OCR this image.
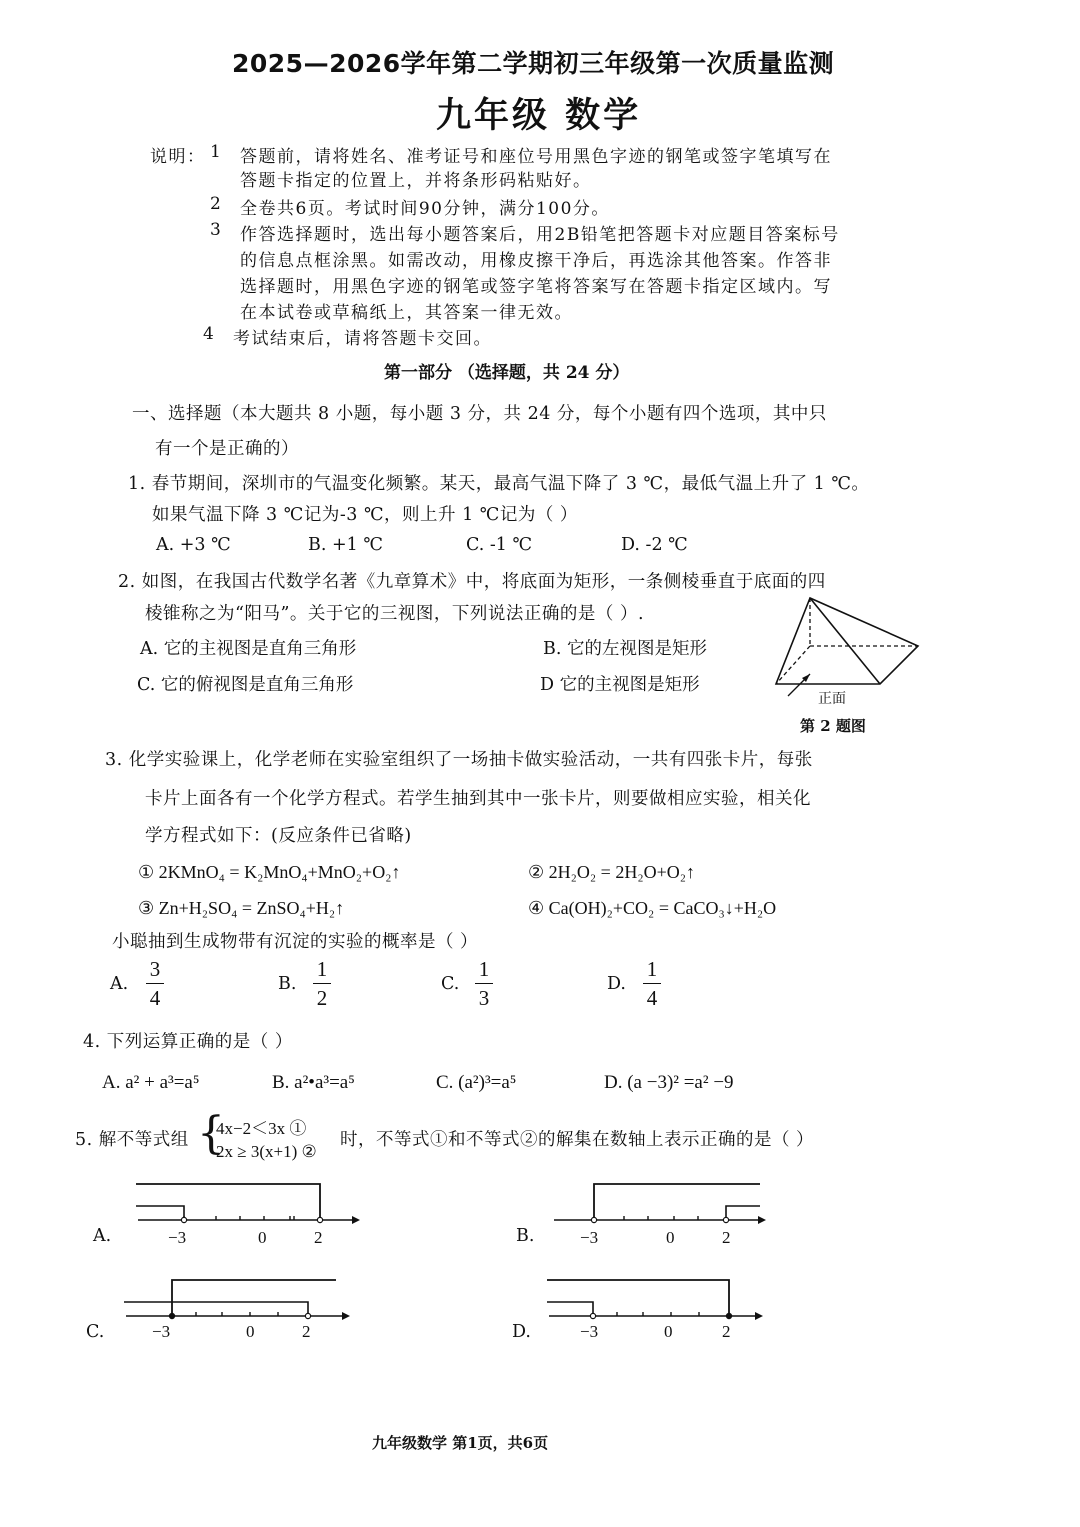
2025—2026学年第二学期初三年级第一次质量监测
九年级 数学
说明： 1 答题前，请将姓名、准考证号和座位号用黑色字迹的钢笔或签字笔填写在
答题卡指定的位置上，并将条形码粘贴好。
2 全卷共6页。考试时间90分钟，满分100分。
3 作答选择题时，选出每小题答案后，用2B铅笔把答题卡对应题目答案标号
的信息点框涂黑。如需改动，用橡皮擦干净后，再选涂其他答案。作答非
选择题时，用黑色字迹的钢笔或签字笔将答案写在答题卡指定区域内。写
在本试卷或草稿纸上，其答案一律无效。
4 考试结束后，请将答题卡交回。
第一部分 （选择题，共 24 分）
一、选择题（本大题共 8 小题，每小题 3 分，共 24 分，每个小题有四个选项，其中只
有一个是正确的）
1. 春节期间，深圳市的气温变化频繁。某天，最高气温下降了 3 ℃，最低气温上升了 1 ℃。
如果气温下降 3 ℃记为-3 ℃，则上升 1 ℃记为（ ）
A. +3 ℃	B. +1 ℃	C. -1 ℃	D. -2 ℃
2. 如图，在我国古代数学名著《九章算术》中，将底面为矩形，一条侧棱垂直于底面的四
棱锥称之为“阳马”。关于它的三视图，下列说法正确的是（ ）.
A. 它的主视图是直角三角形	B. 它的左视图是矩形
C. 它的俯视图是直角三角形	D 它的主视图是矩形
正面
第 2 题图
3. 化学实验课上，化学老师在实验室组织了一场抽卡做实验活动，一共有四张卡片，每张
卡片上面各有一个化学方程式。若学生抽到其中一张卡片，则要做相应实验，相关化
学方程式如下：(反应条件已省略)
① 2KMnO₄ = K₂MnO₄+MnO₂+O₂↑	② 2H₂O₂ = 2H₂O+O₂↑
③ Zn+H₂SO₄ = ZnSO₄+H₂↑	④ Ca(OH)₂+CO₂ = CaCO₃↓+H₂O
小聪抽到生成物带有沉淀的实验的概率是（ ）
A.
3
4
B.
1
2
C.
1
3
D.
1
4
4. 下列运算正确的是（ ）
A. a² + a³=a⁵	B. a²•a³=a⁵	C. (a²)³=a⁵	D. (a −3)² =a² −9
5. 解不等式组 {
4x−2＜3x ①
2x ≥ 3(x+1) ②
时，不等式①和不等式②的解集在数轴上表示正确的是（ ）
A.	−3	0	2	B.	−3	0	2
C.	−3	0	2	D.	−3	0	2
九年级数学 第1页，共6页
